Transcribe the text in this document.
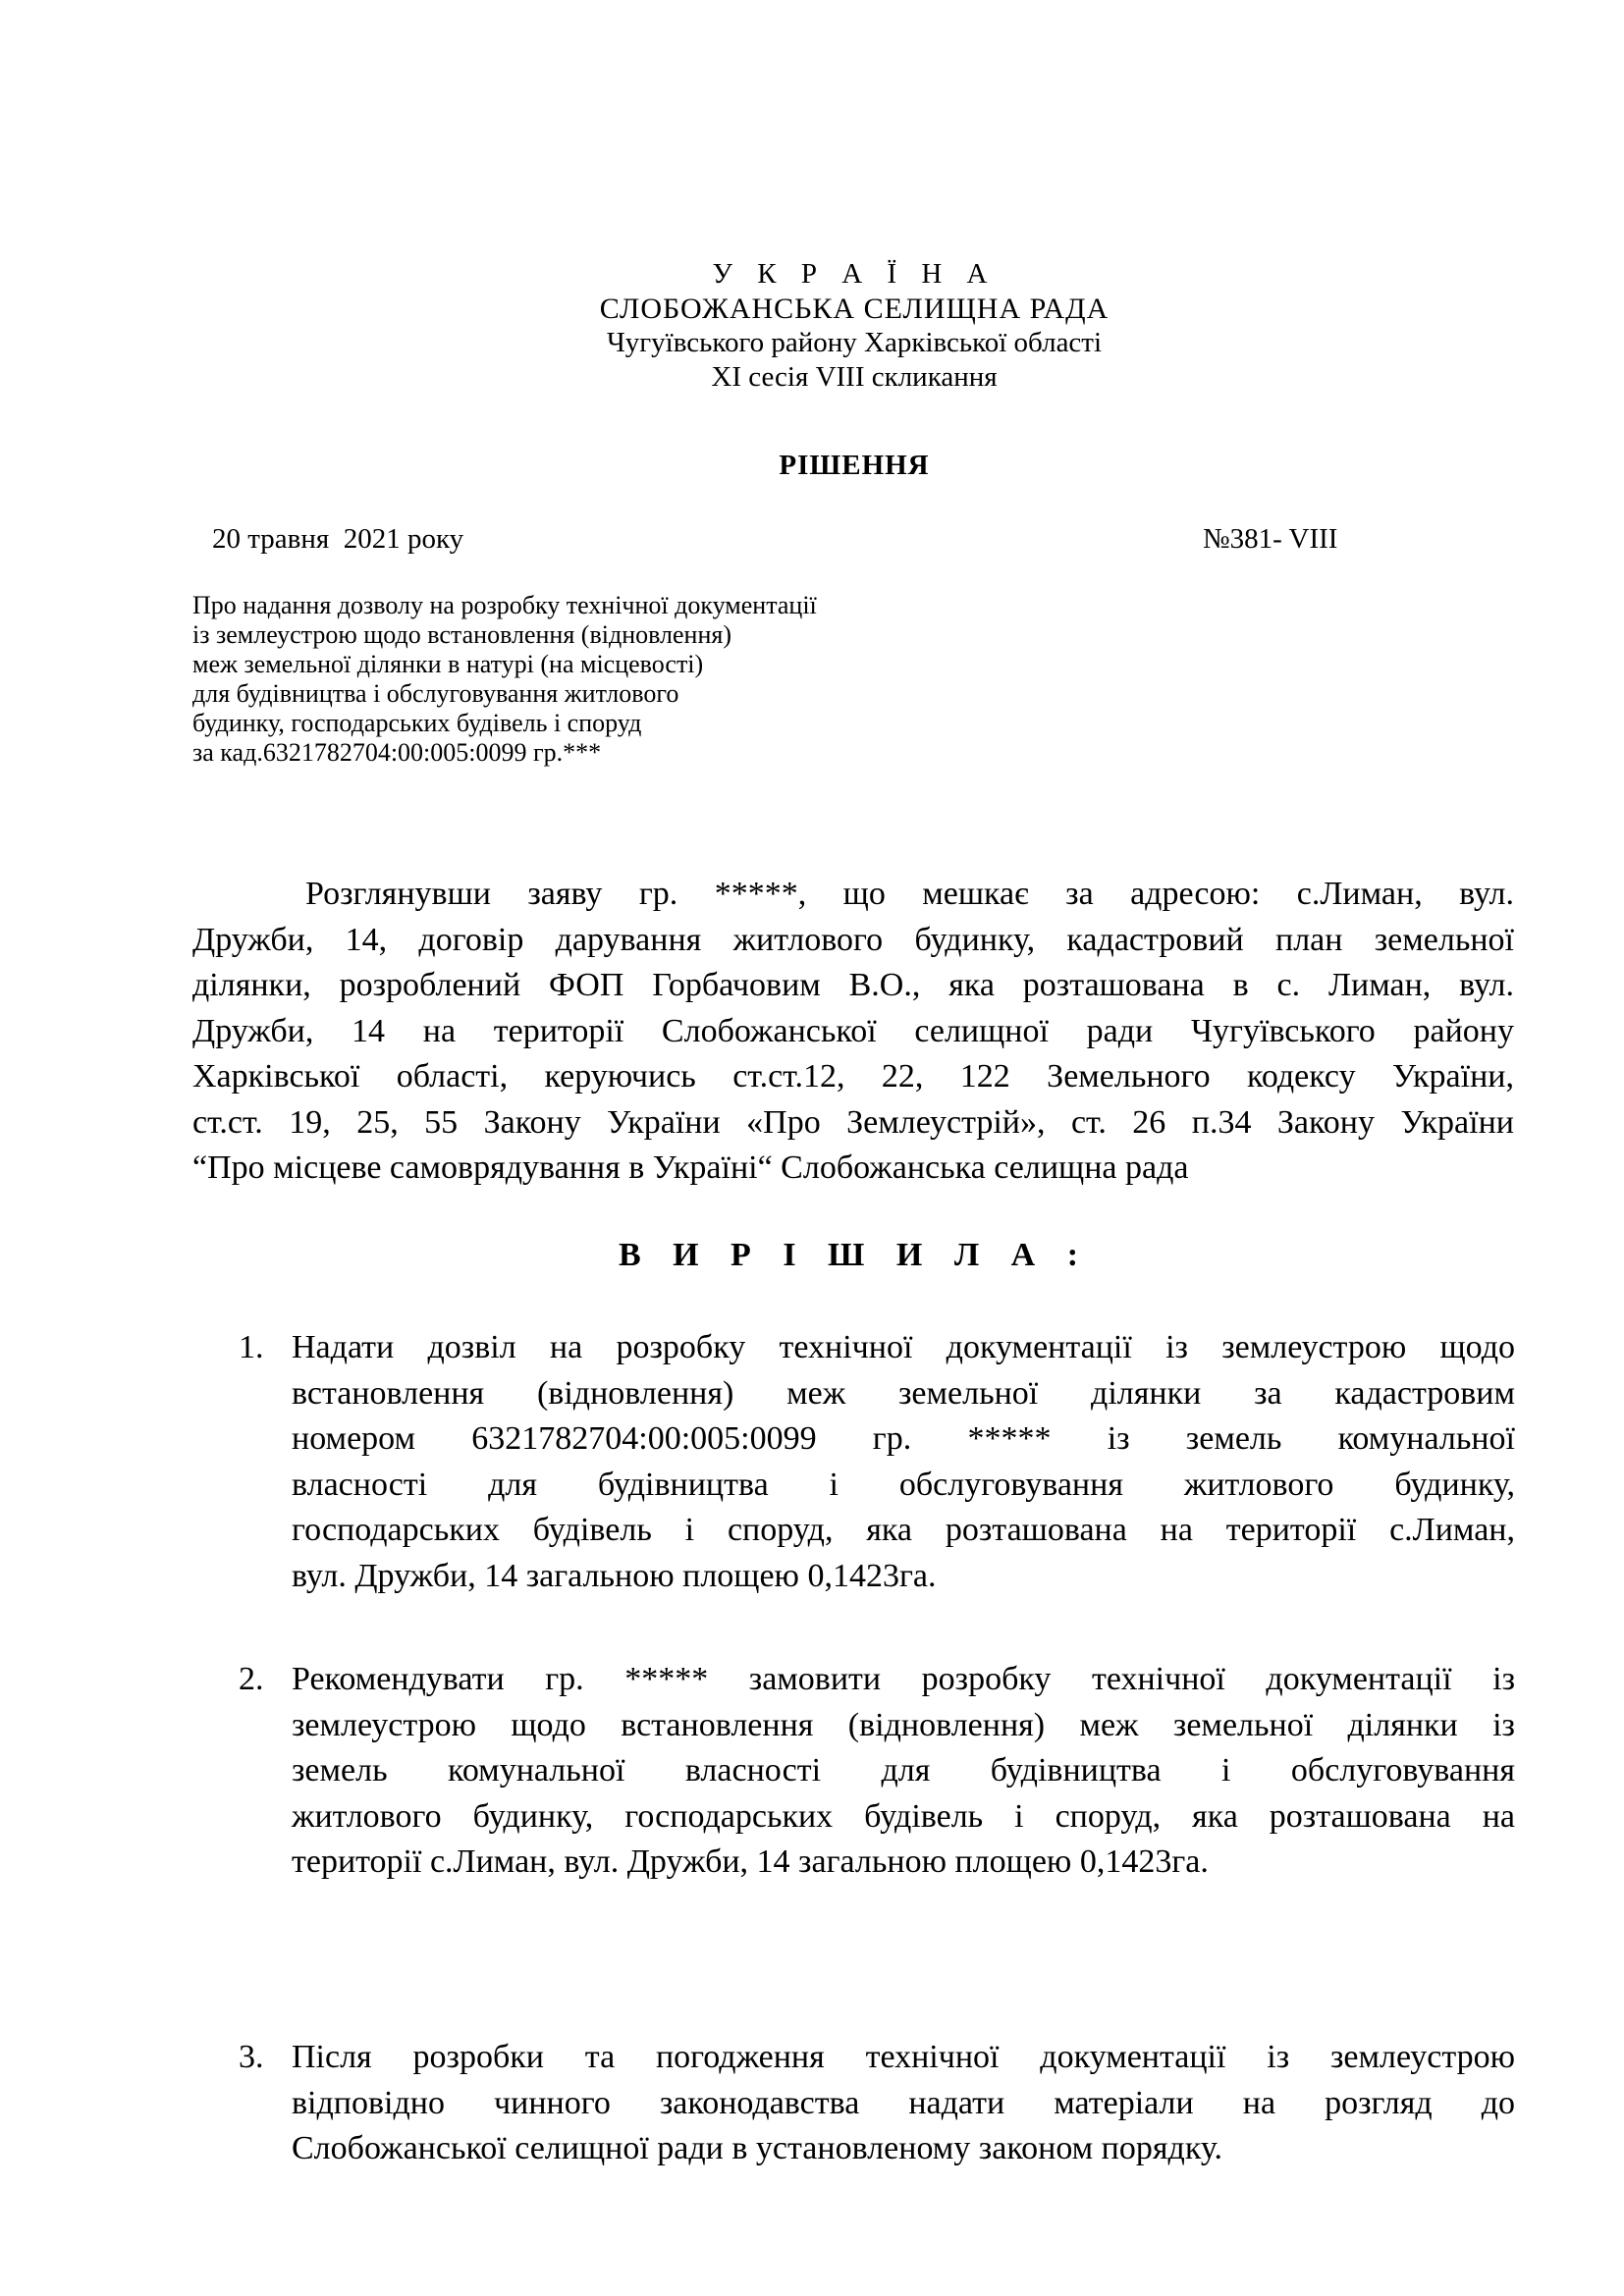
У К Р А Ї Н А
СЛОБОЖАНСЬКА СЕЛИЩНА РАДА
Чугуївського району Харківської області
XI сесія VIII скликання
РІШЕННЯ
20 травня  2021 року	№381- VIII
Про надання дозволу на розробку технічної документації
із землеустрою щодо встановлення (відновлення)
меж земельної ділянки в натурі (на місцевості)
для будівництва і обслуговування житлового
будинку, господарських будівель і споруд
за кад.6321782704:00:005:0099 гр.***
Розглянувши заяву гр. *****, що мешкає за адресою: с.Лиман, вул.
Дружби, 14, договір дарування житлового будинку, кадастровий план земельної
ділянки, розроблений ФОП Горбачовим В.О., яка розташована в с. Лиман, вул.
Дружби, 14 на території Слобожанської селищної ради Чугуївського району
Харківської області, керуючись ст.ст.12, 22, 122 Земельного кодексу України,
ст.ст. 19, 25, 55 Закону України «Про Землеустрій», ст. 26 п.34 Закону України
“Про місцеве самоврядування в Україні“ Слобожанська селищна рада
В И Р І Ш И Л А :
1. Надати дозвіл на розробку технічної документації із землеустрою щодо
встановлення (відновлення) меж земельної ділянки за кадастровим
номером 6321782704:00:005:0099 гр. ***** із земель комунальної
власності для будівництва і обслуговування житлового будинку,
господарських будівель і споруд, яка розташована на території с.Лиман,
вул. Дружби, 14 загальною площею 0,1423га.
2. Рекомендувати гр. ***** замовити розробку технічної документації із
землеустрою щодо встановлення (відновлення) меж земельної ділянки із
земель комунальної власності для будівництва і обслуговування
житлового будинку, господарських будівель і споруд, яка розташована на
території с.Лиман, вул. Дружби, 14 загальною площею 0,1423га.
3. Після розробки та погодження технічної документації із землеустрою
відповідно чинного законодавства надати матеріали на розгляд до
Слобожанської селищної ради в установленому законом порядку.
